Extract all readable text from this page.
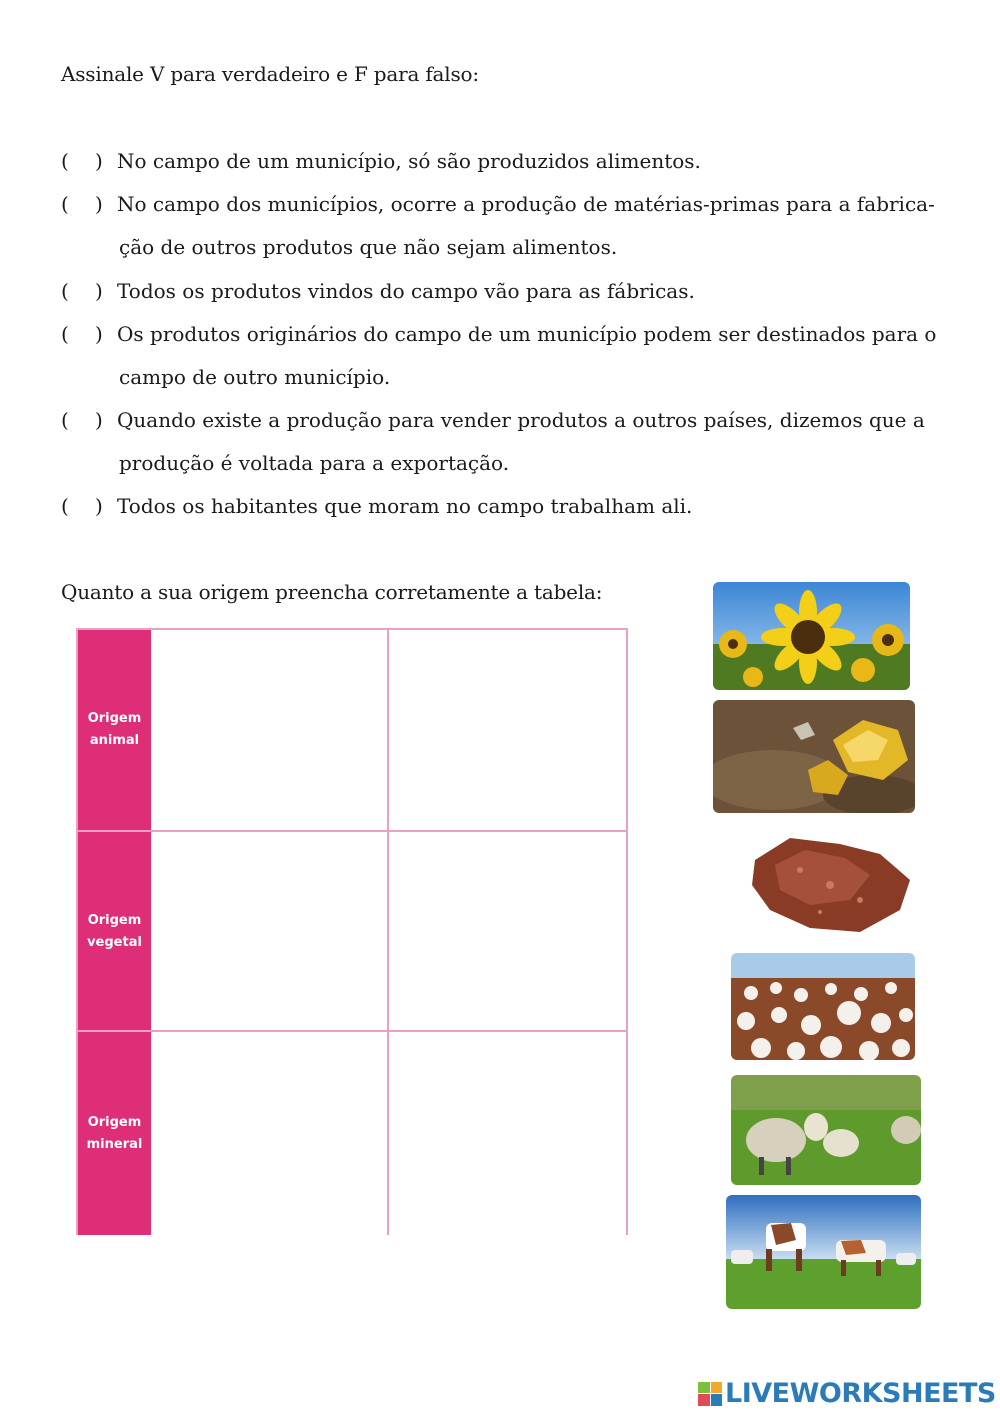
Assinale V para verdadeiro e F para falso:
( ) No campo de um município, só são produzidos alimentos.
( ) No campo dos municípios, ocorre a produção de matérias-primas para a fabrica-
ção de outros produtos que não sejam alimentos.
( ) Todos os produtos vindos do campo vão para as fábricas.
( ) Os produtos originários do campo de um município podem ser destinados para o
campo de outro município.
( ) Quando existe a produção para vender produtos a outros países, dizemos que a
produção é voltada para a exportação.
( ) Todos os habitantes que moram no campo trabalham ali.
Quanto a sua origem preencha corretamente a tabela:
Origem
animal
Origem
vegetal
Origem
mineral
LIVEWORKSHEETS
